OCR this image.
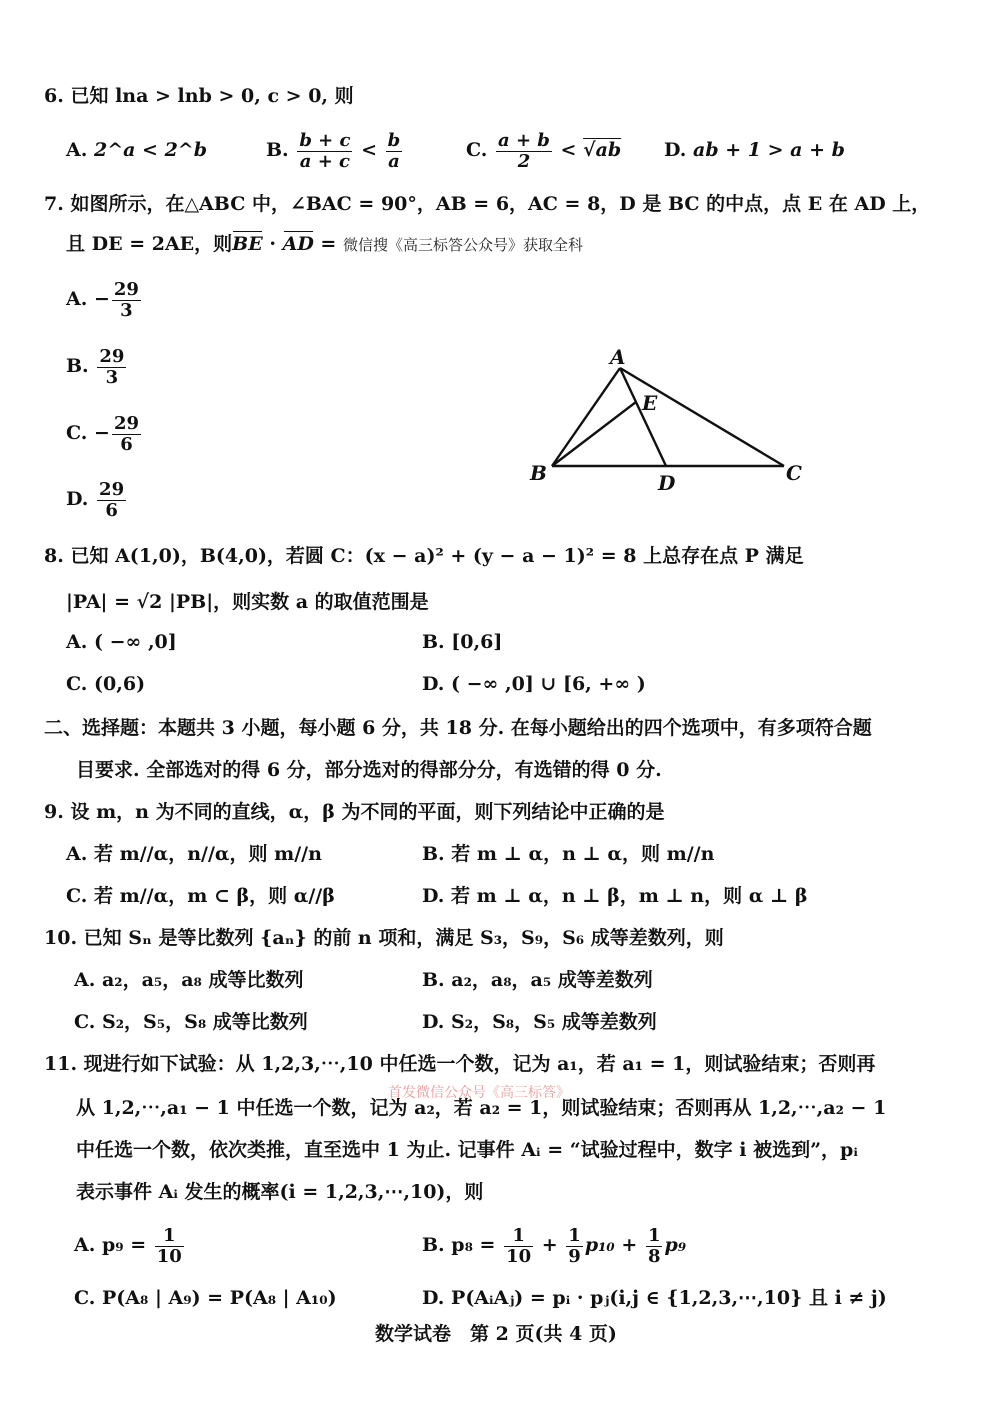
6. 已知 lna > lnb > 0, c > 0, 则
A. 2^a < 2^b	B. $\frac{b + c}{a + c} < \frac{b}{a}$	C. $\frac{a + b}{2} < √ab$ D. ab + 1 > a + b
7. 如图所示，在△ABC 中，∠BAC = 90°，AB = 6，AC = 8，D 是 BC 的中点，点 E 在 AD 上，
且 DE = 2AE，则BE · AD = 微信搜《高三标答公众号》获取全科
A. − $\frac{29}{3}$
B. $\frac{29}{3}$
C. − $\frac{29}{6}$
D. $\frac{29}{6}$
A
E
B	D	C
8. 已知 A(1,0)，B(4,0)，若圆 C：(x − a)² + (y − a − 1)² = 8 上总存在点 P 满足
|PA| = √2 |PB|，则实数 a 的取值范围是
A. ( −∞ ,0]	B. [0,6]
C. (0,6)	D. ( −∞ ,0] ∪ [6, +∞ )
二、选择题：本题共 3 小题，每小题 6 分，共 18 分. 在每小题给出的四个选项中，有多项符合题
目要求. 全部选对的得 6 分，部分选对的得部分分，有选错的得 0 分.
9. 设 m，n 为不同的直线，α，β 为不同的平面，则下列结论中正确的是
A. 若 m//α，n//α，则 m//n	B. 若 m ⊥ α，n ⊥ α，则 m//n
C. 若 m//α，m ⊂ β，则 α//β	D. 若 m ⊥ α，n ⊥ β，m ⊥ n，则 α ⊥ β
10. 已知 Sₙ 是等比数列 {aₙ} 的前 n 项和，满足 S₃，S₉，S₆ 成等差数列，则
A. a₂，a₅，a₈ 成等比数列	B. a₂，a₈，a₅ 成等差数列
C. S₂，S₅，S₈ 成等比数列	D. S₂，S₈，S₅ 成等差数列
11. 现进行如下试验：从 1,2,3,⋯,10 中任选一个数，记为 a₁，若 a₁ = 1，则试验结束；否则再
首发微信公众号《高三标答》
从 1,2,⋯,a₁ − 1 中任选一个数，记为 a₂，若 a₂ = 1，则试验结束；否则再从 1,2,⋯,a₂ − 1
中任选一个数，依次类推，直至选中 1 为止. 记事件 Aᵢ = “试验过程中，数字 i 被选到”，pᵢ
表示事件 Aᵢ 发生的概率(i = 1,2,3,⋯,10)，则
A. $p_9 = \frac{1}{10}$	B. $p_8 = \frac{1}{10} + \frac{1}{9} p_{10} + \frac{1}{8} p_9$
C. P(A₈ | A₉) = P(A₈ | A₁₀)	D. P(AᵢAⱼ) = pᵢ · pⱼ(i,j ∈ {1,2,3,⋯,10} 且 i ≠ j)
数学试卷　第 2 页(共 4 页)
